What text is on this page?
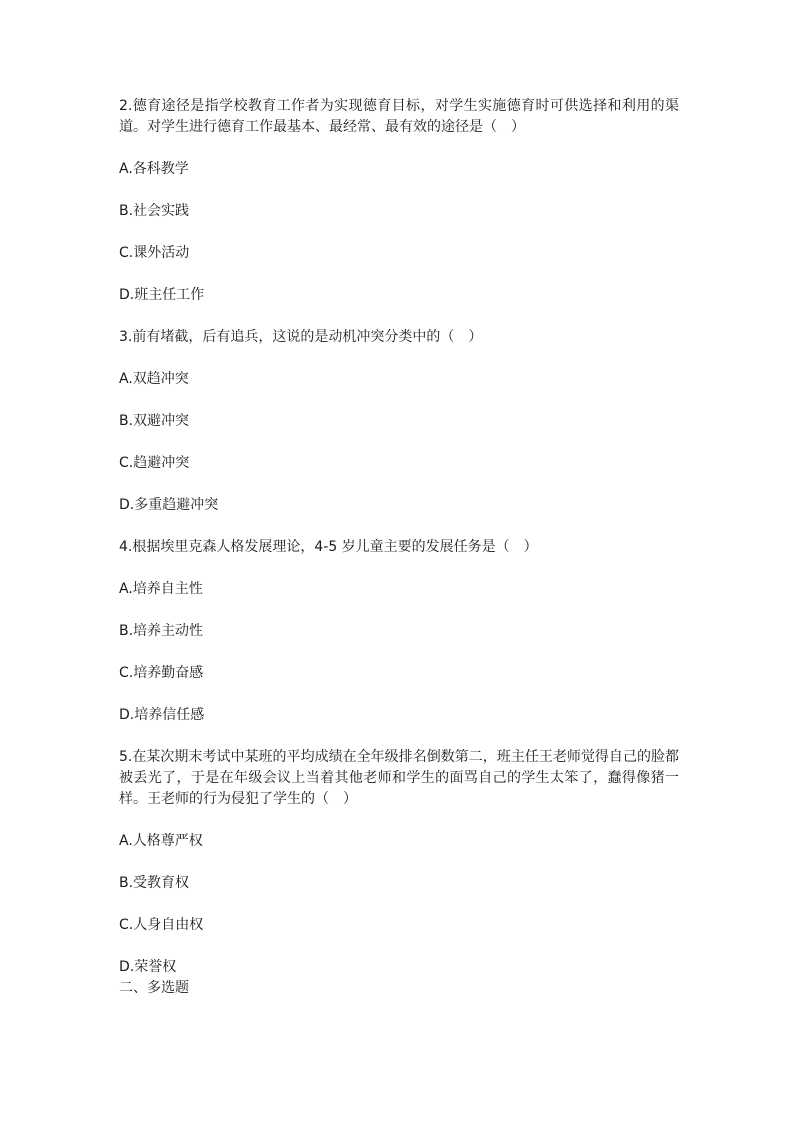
2.德育途径是指学校教育工作者为实现德育目标，对学生实施德育时可供选择和利用的渠道。对学生进行德育工作最基本、最经常、最有效的途径是（　）

A.各科教学

B.社会实践

C.课外活动

D.班主任工作

3.前有堵截，后有追兵，这说的是动机冲突分类中的（　）

A.双趋冲突

B.双避冲突

C.趋避冲突

D.多重趋避冲突

4.根据埃里克森人格发展理论，4-5 岁儿童主要的发展任务是（　）

A.培养自主性

B.培养主动性

C.培养勤奋感

D.培养信任感

5.在某次期末考试中某班的平均成绩在全年级排名倒数第二，班主任王老师觉得自己的脸都被丢光了，于是在年级会议上当着其他老师和学生的面骂自己的学生太笨了，蠢得像猪一样。王老师的行为侵犯了学生的（　）

A.人格尊严权

B.受教育权

C.人身自由权

D.荣誉权

二、多选题
